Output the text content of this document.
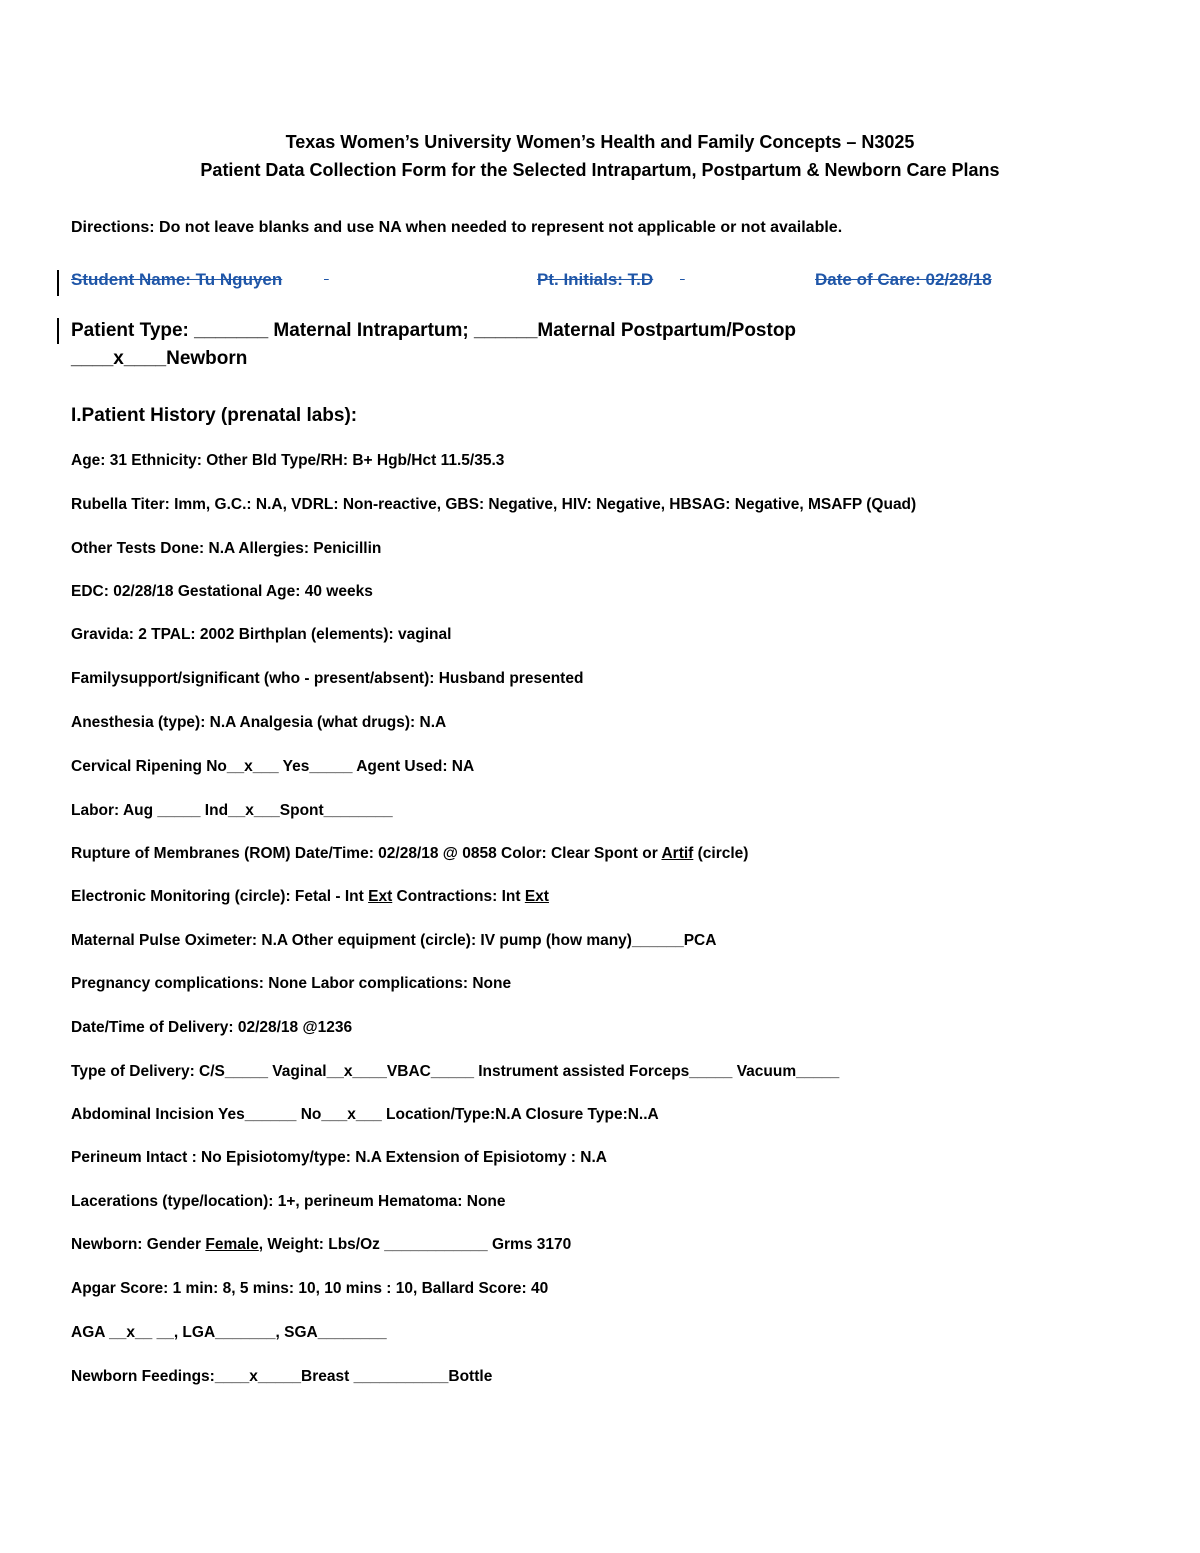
Texas Women’s University Women’s Health and Family Concepts – N3025
Patient Data Collection Form for the Selected Intrapartum, Postpartum & Newborn Care Plans
Directions: Do not leave blanks and use NA when needed to represent not applicable or not available.
Student Name: Tu Nguyen
	Pt. Initials: T.D
	Date of Care: 02/28/18
Patient Type: _______ Maternal Intrapartum; ______Maternal Postpartum/Postop
____x____Newborn
I.Patient History (prenatal labs):
Age: 31 Ethnicity: Other Bld Type/RH: B+ Hgb/Hct 11.5/35.3
Rubella Titer: Imm, G.C.: N.A, VDRL: Non-reactive, GBS: Negative, HIV: Negative, HBSAG: Negative, MSAFP (Quad)
Other Tests Done: N.A Allergies: Penicillin
EDC: 02/28/18 Gestational Age: 40 weeks
Gravida: 2 TPAL: 2002 Birthplan (elements): vaginal
Familysupport/significant (who - present/absent): Husband presented
Anesthesia (type): N.A Analgesia (what drugs): N.A
Cervical Ripening No__x___ Yes_____ Agent Used: NA
Labor: Aug _____ Ind__x___Spont________
Rupture of Membranes (ROM) Date/Time: 02/28/18 @ 0858 Color: Clear Spont or Artif (circle)
Electronic Monitoring (circle): Fetal - Int Ext Contractions: Int Ext
Maternal Pulse Oximeter: N.A Other equipment (circle): IV pump (how many)______PCA
Pregnancy complications: None Labor complications: None
Date/Time of Delivery: 02/28/18 @1236
Type of Delivery: C/S_____ Vaginal__x____VBAC_____ Instrument assisted Forceps_____ Vacuum_____
Abdominal Incision Yes______ No___x___ Location/Type:N.A Closure Type:N..A
Perineum Intact : No Episiotomy/type: N.A Extension of Episiotomy : N.A
Lacerations (type/location): 1+, perineum Hematoma: None
Newborn: Gender Female, Weight: Lbs/Oz ____________ Grms 3170
Apgar Score: 1 min: 8, 5 mins: 10, 10 mins : 10, Ballard Score: 40
AGA __x__ __, LGA_______, SGA________
Newborn Feedings:____x_____Breast ___________Bottle
